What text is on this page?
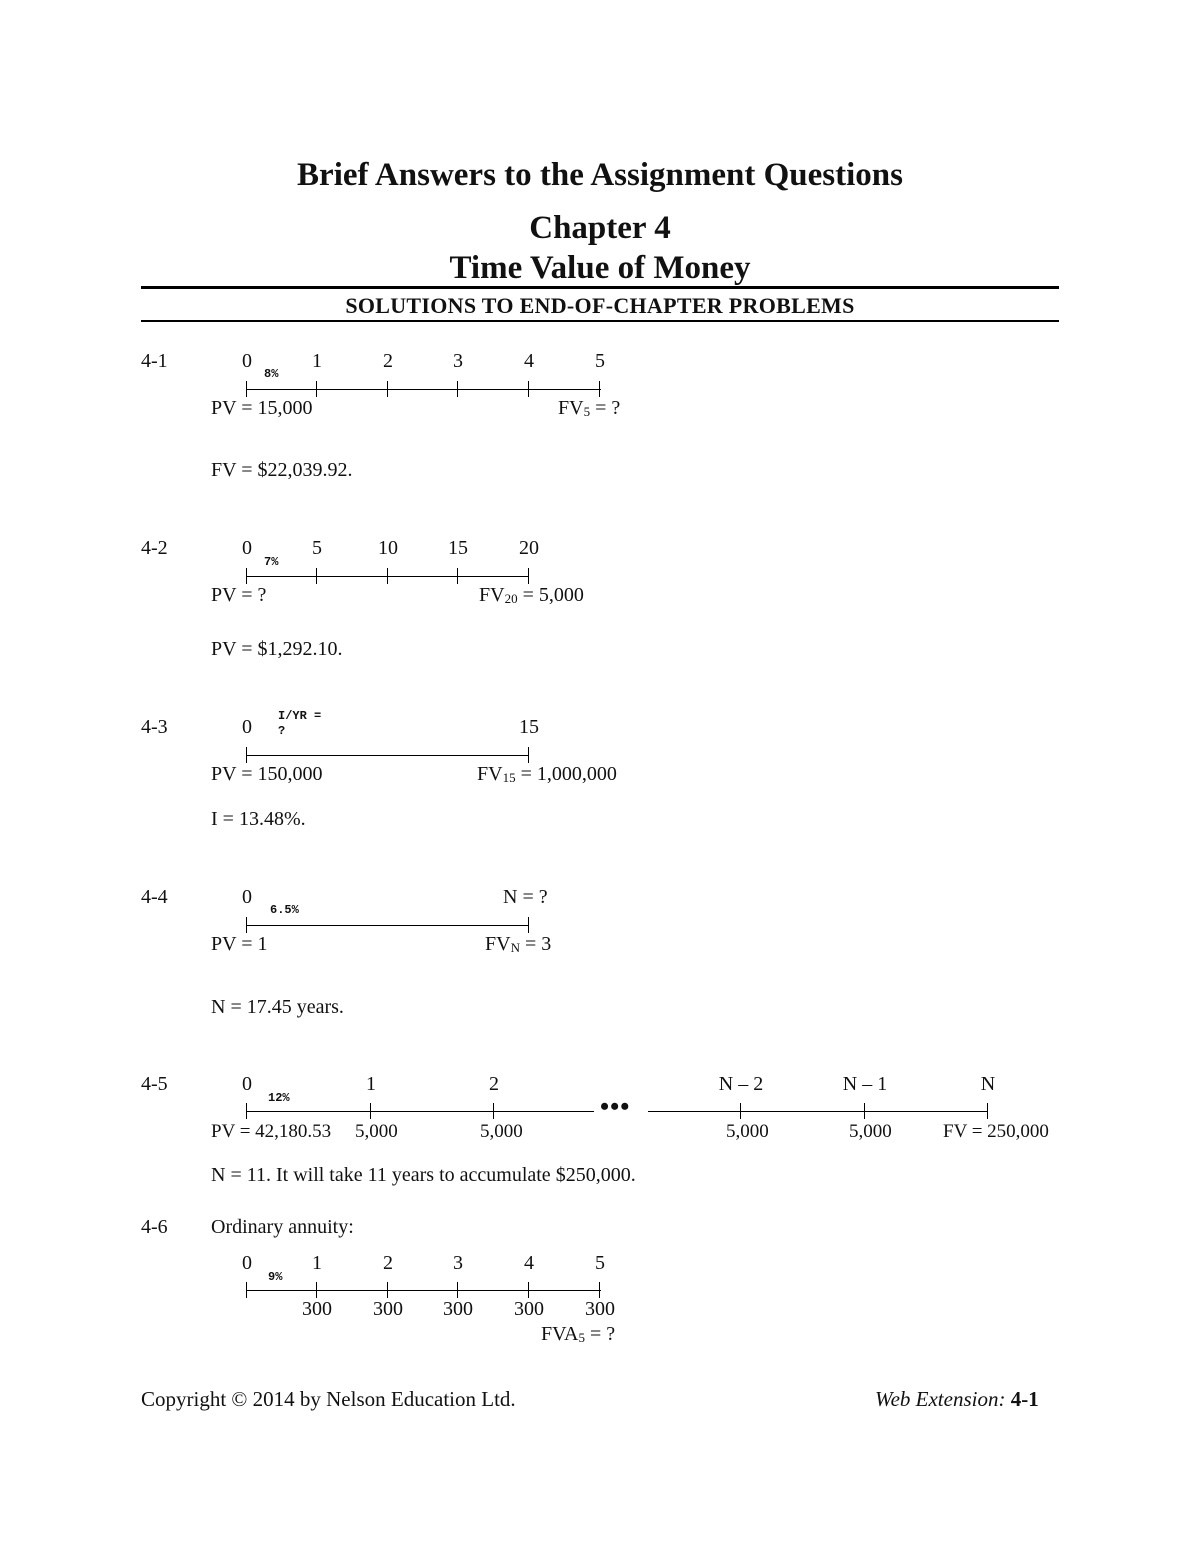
Brief Answers to the Assignment Questions
Chapter 4
Time Value of Money
SOLUTIONS TO END-OF-CHAPTER PROBLEMS
4-1	0	1	2	3	4	5
8%
PV = 15,000	$FV_5$ = ?
FV = $22,039.92.
4-2	0	5	10	15	20
7%
PV = ?	$FV_{20} = 5,000$
PV = $1,292.10.
4-3	0	15
I/YR =
?
PV = 150,000	$FV_{15} = 1,000,000$
I = 13.48%.
4-4	0	N = ?
6.5%
PV = 1	$FV_N = 3$
N = 17.45 years.
4-5	0	1	2	N – 2	N – 1	N
12%	•••
PV = 42,180.53 5,000	5,000	5,000	5,000	FV = 250,000
N = 11. It will take 11 years to accumulate $250,000.
4-6 Ordinary annuity:
0	1	2	3	4	5
9%
300	300	300	300	300
$FVA_5$ = ?
Copyright © 2014 by Nelson Education Ltd.	Web Extension: 4-1
